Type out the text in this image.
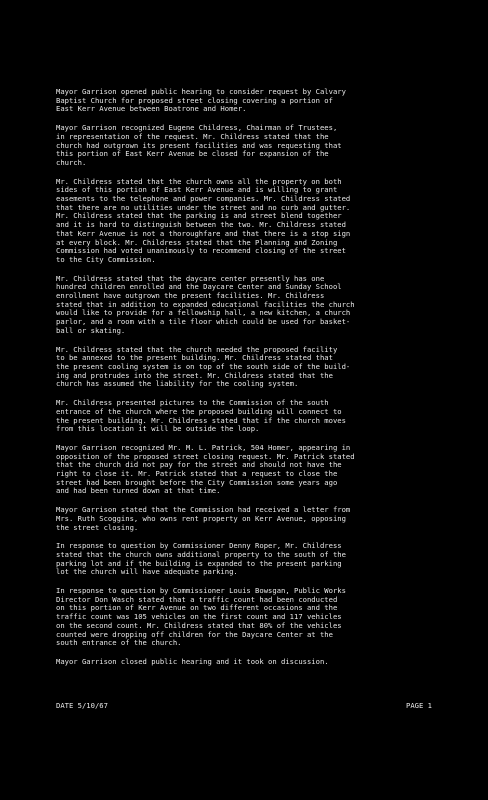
Mayor Garrison opened public hearing to consider request by Calvary
Baptist Church for proposed street closing covering a portion of
East Kerr Avenue between Boatrone and Homer.

Mayor Garrison recognized Eugene Childress, Chairman of Trustees,
in representation of the request. Mr. Childress stated that the
church had outgrown its present facilities and was requesting that
this portion of East Kerr Avenue be closed for expansion of the
church.

Mr. Childress stated that the church owns all the property on both
sides of this portion of East Kerr Avenue and is willing to grant
easements to the telephone and power companies. Mr. Childress stated
that there are no utilities under the street and no curb and gutter.
Mr. Childress stated that the parking is and street blend together
and it is hard to distinguish between the two. Mr. Childress stated
that Kerr Avenue is not a thoroughfare and that there is a stop sign
at every block. Mr. Childress stated that the Planning and Zoning
Commission had voted unanimously to recommend closing of the street
to the City Commission.

Mr. Childress stated that the daycare center presently has one
hundred children enrolled and the Daycare Center and Sunday School
enrollment have outgrown the present facilities. Mr. Childress
stated that in addition to expanded educational facilities the church
would like to provide for a fellowship hall, a new kitchen, a church
parlor, and a room with a tile floor which could be used for basket-
ball or skating.

Mr. Childress stated that the church needed the proposed facility
to be annexed to the present building. Mr. Childress stated that
the present cooling system is on top of the south side of the build-
ing and protrudes into the street. Mr. Childress stated that the
church has assumed the liability for the cooling system.

Mr. Childress presented pictures to the Commission of the south
entrance of the church where the proposed building will connect to
the present building. Mr. Childress stated that if the church moves
from this location it will be outside the loop.

Mayor Garrison recognized Mr. M. L. Patrick, 504 Homer, appearing in
opposition of the proposed street closing request. Mr. Patrick stated
that the church did not pay for the street and should not have the
right to close it. Mr. Patrick stated that a request to close the
street had been brought before the City Commission some years ago
and had been turned down at that time.

Mayor Garrison stated that the Commission had received a letter from
Mrs. Ruth Scoggins, who owns rent property on Kerr Avenue, opposing
the street closing.

In response to question by Commissioner Denny Roper, Mr. Childress
stated that the church owns additional property to the south of the
parking lot and if the building is expanded to the present parking
lot the church will have adequate parking.

In response to question by Commissioner Louis Bowsgan, Public Works
Director Don Wasch stated that a traffic count had been conducted
on this portion of Kerr Avenue on two different occasions and the
traffic count was 105 vehicles on the first count and 117 vehicles
on the second count. Mr. Childress stated that 80% of the vehicles
counted were dropping off children for the Daycare Center at the
south entrance of the church.

Mayor Garrison closed public hearing and it took on discussion.

DATE 5/10/67	PAGE 1
